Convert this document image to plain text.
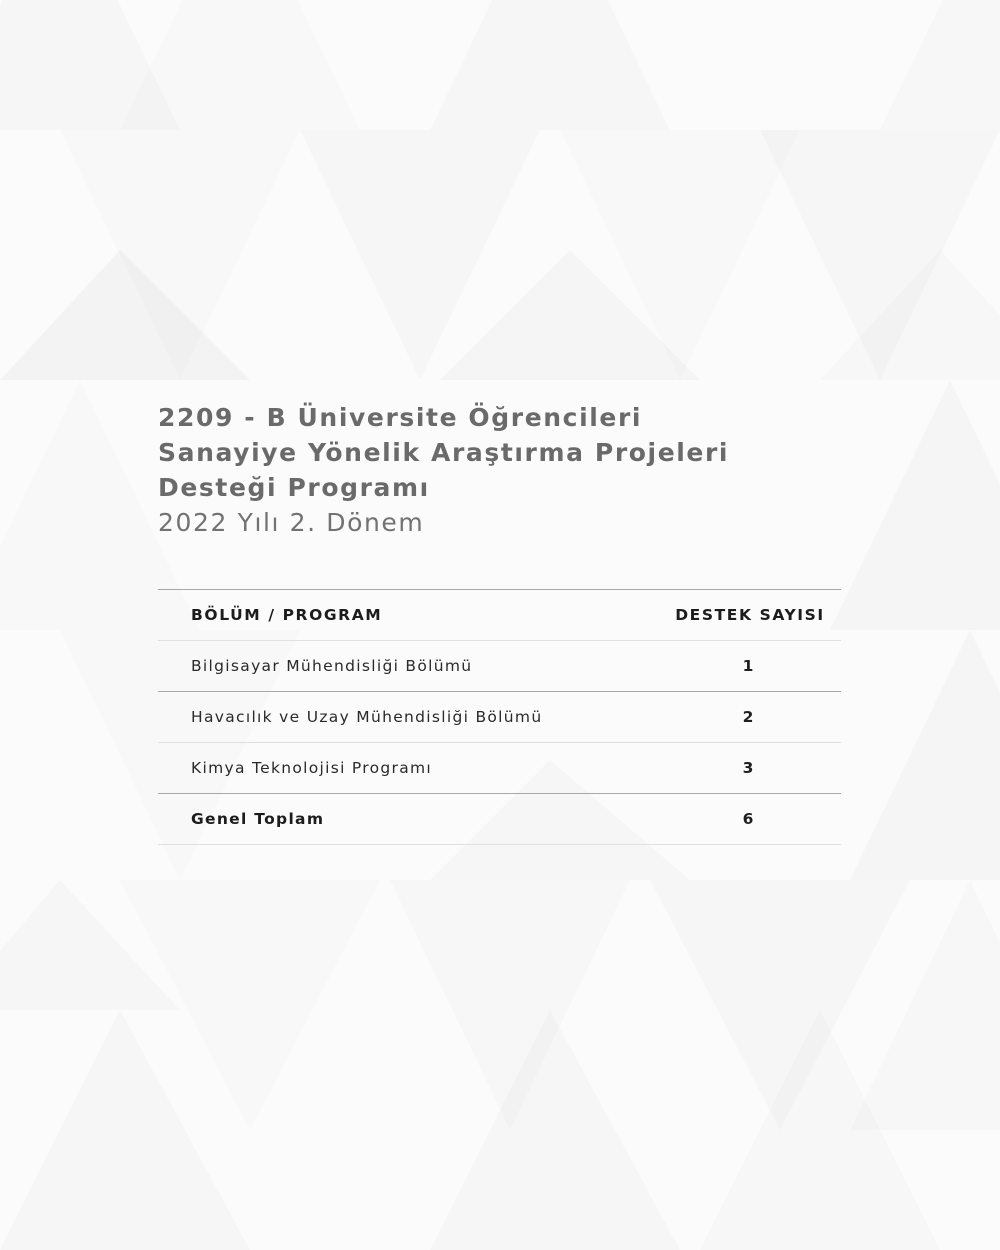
2209 - B Üniversite Öğrencileri

Sanayiye Yönelik Araştırma Projeleri

Desteği Programı

2022 Yılı 2. Dönem

BÖLÜM / PROGRAM	DESTEK SAYISI
Bilgisayar Mühendisliği Bölümü	1
Havacılık ve Uzay Mühendisliği Bölümü	2
Kimya Teknolojisi Programı	3
Genel Toplam	6
